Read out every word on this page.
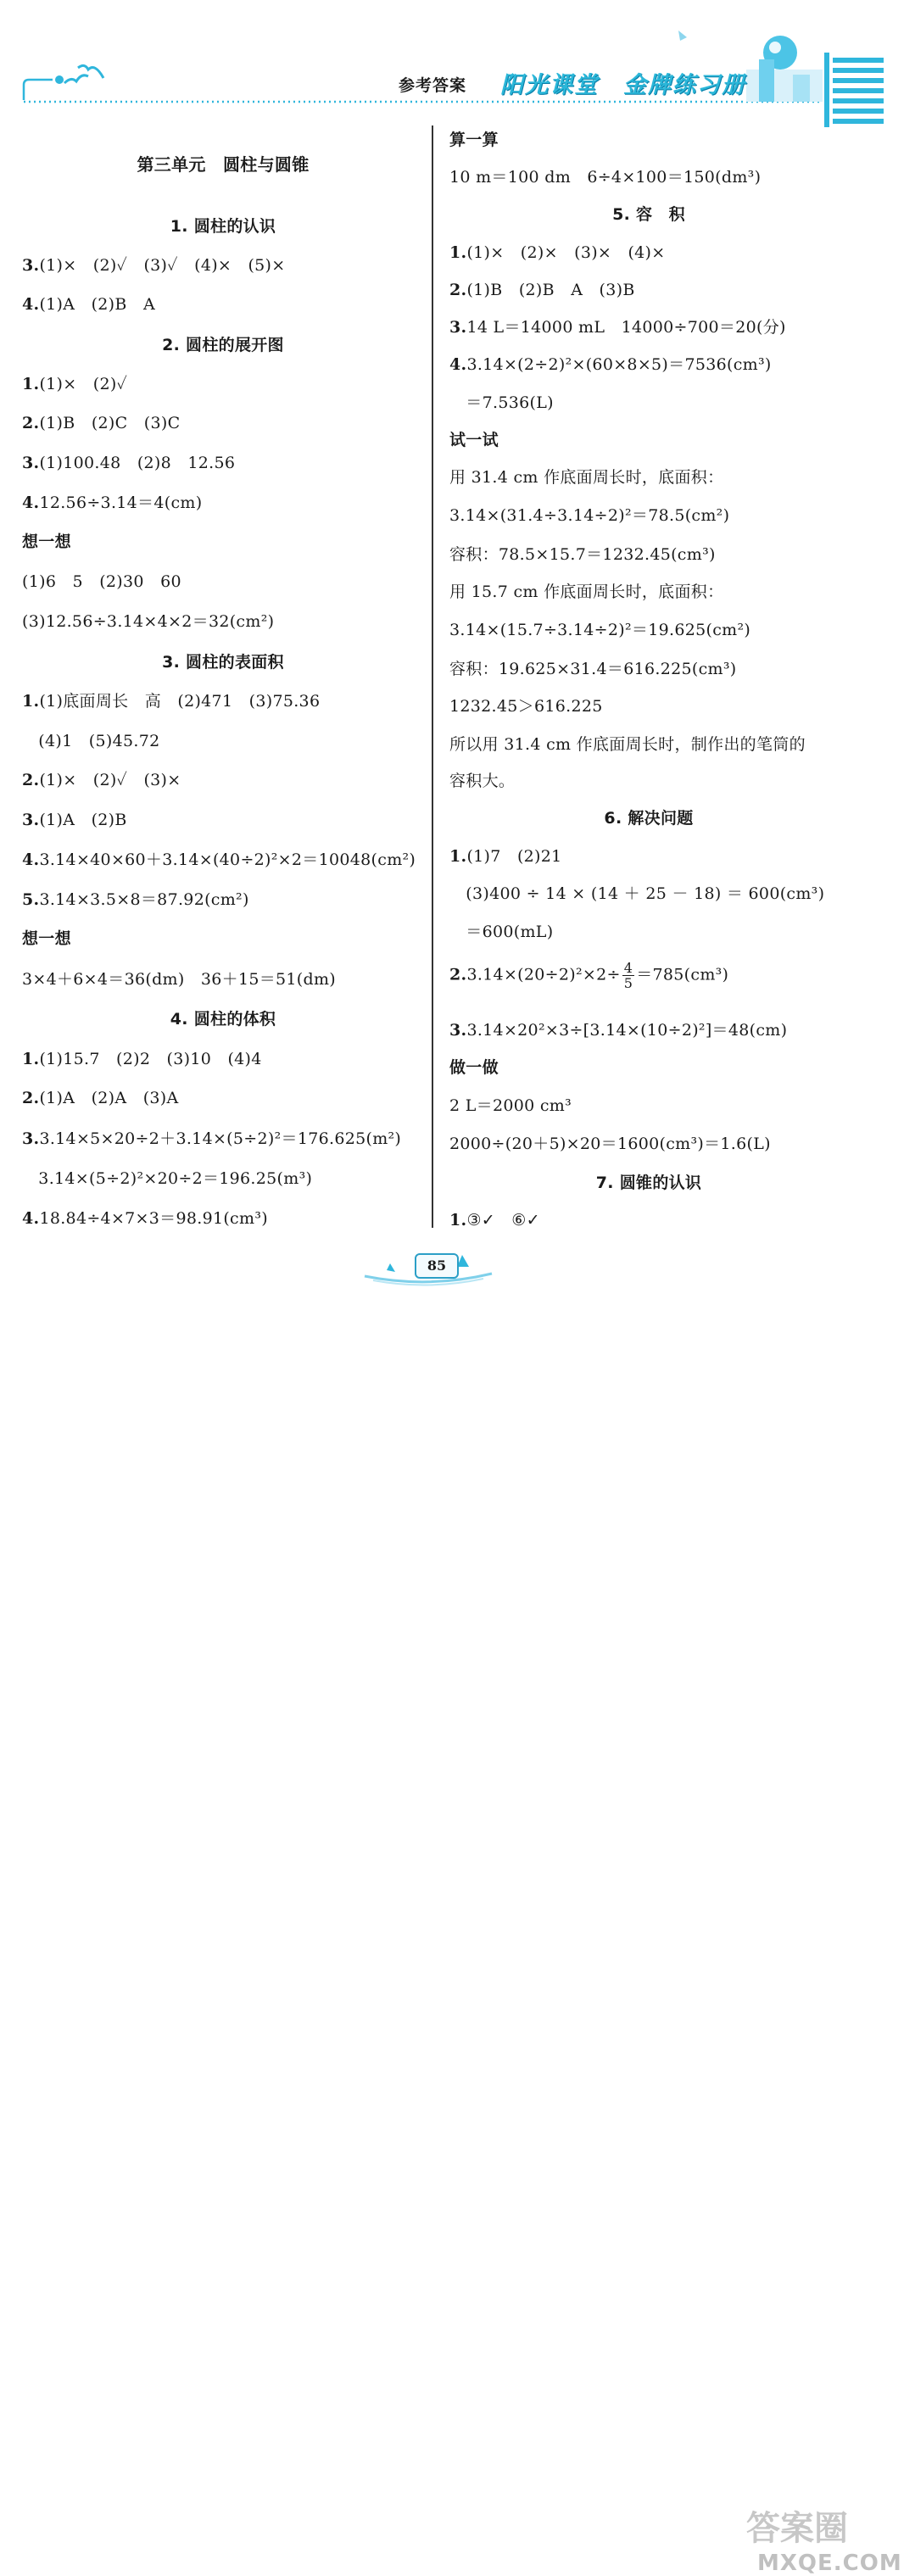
参考答案 阳光课堂　金牌练习册
第三单元　圆柱与圆锥
1. 圆柱的认识
3.(1)×　(2)✓　(3)✓　(4)×　(5)×
4.(1)A　(2)B　A
2. 圆柱的展开图
1.(1)×　(2)✓
2.(1)B　(2)C　(3)C
3.(1)100.48　(2)8　12.56
4.12.56÷3.14＝4(cm)
想一想
(1)6　5　(2)30　60
(3)12.56÷3.14×4×2＝32(cm²)
3. 圆柱的表面积
1.(1)底面周长　高　(2)471　(3)75.36
　(4)1　(5)45.72
2.(1)×　(2)✓　(3)×
3.(1)A　(2)B
4.3.14×40×60＋3.14×(40÷2)²×2＝10048(cm²)
5.3.14×3.5×8＝87.92(cm²)
想一想
3×4＋6×4＝36(dm)　36＋15＝51(dm)
4. 圆柱的体积
1.(1)15.7　(2)2　(3)10　(4)4
2.(1)A　(2)A　(3)A
3.3.14×5×20÷2＋3.14×(5÷2)²＝176.625(m²)
　3.14×(5÷2)²×20÷2＝196.25(m³)
4.18.84÷4×7×3＝98.91(cm³)
$2.3.14\times(20\div 2)^2\times 2\div \frac{4}{5} =785(cm^3)$
算一算
10 m＝100 dm　6÷4×100＝150(dm³)
5. 容　积
1.(1)×　(2)×　(3)×　(4)×
2.(1)B　(2)B　A　(3)B
3.14 L＝14000 mL　14000÷700＝20(分)
4.3.14×(2÷2)²×(60×8×5)＝7536(cm³)
　＝7.536(L)
试一试
用 31.4 cm 作底面周长时，底面积：
3.14×(31.4÷3.14÷2)²＝78.5(cm²)
容积：78.5×15.7＝1232.45(cm³)
用 15.7 cm 作底面周长时，底面积：
3.14×(15.7÷3.14÷2)²＝19.625(cm²)
容积：19.625×31.4＝616.225(cm³)
1232.45＞616.225
所以用 31.4 cm 作底面周长时，制作出的笔筒的
容积大。
6. 解决问题
1.(1)7　(2)21
　(3)400 ÷ 14 × (14 ＋ 25 － 18) ＝ 600(cm³)
　＝600(mL)
3.3.14×20²×3÷[3.14×(10÷2)²]＝48(cm)
做一做
2 L＝2000 cm³
2000÷(20＋5)×20＝1600(cm³)＝1.6(L)
7. 圆锥的认识
1.③✓　⑥✓
答案圈
MXQE.COM
85
